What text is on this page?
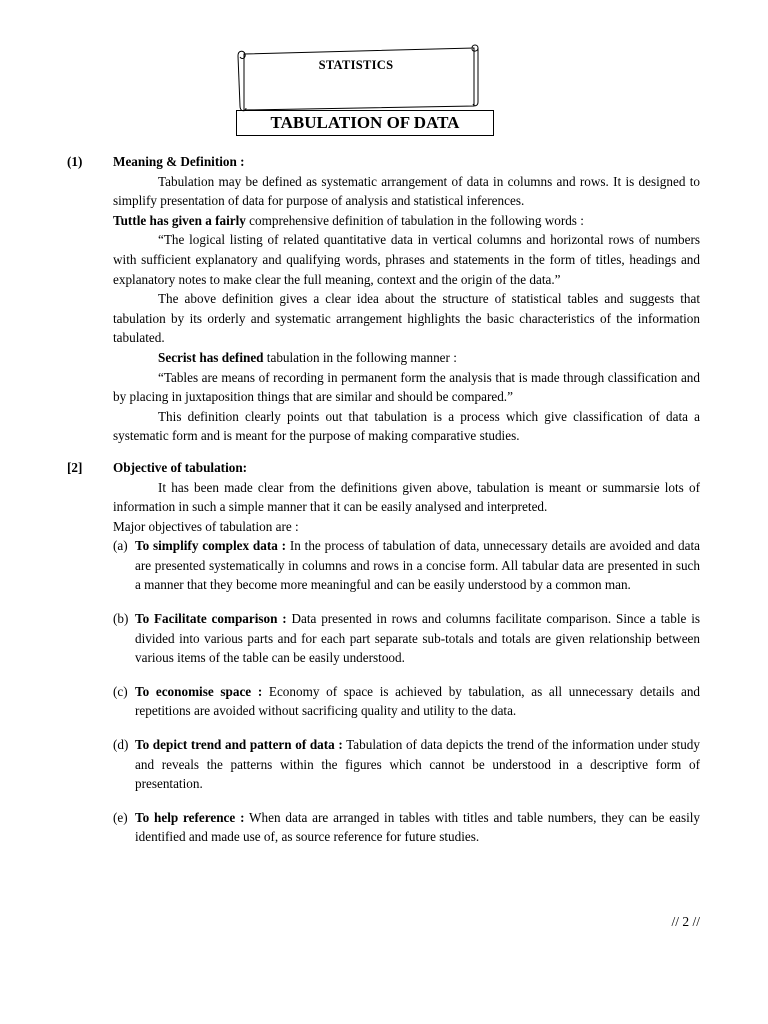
STATISTICS
TABULATION OF DATA
(1)	Meaning & Definition :

Tabulation may be defined as systematic arrangement of data in columns and rows. It is designed to simplify presentation of data for purpose of analysis and statistical inferences.

Tuttle has given a fairly comprehensive definition of tabulation in the following words :

“The logical listing of related quantitative data in vertical columns and horizontal rows of numbers with sufficient explanatory and qualifying words, phrases and statements in the form of titles, headings and explanatory notes to make clear the full meaning, context and the origin of the data.”

The above definition gives a clear idea about the structure of statistical tables and suggests that tabulation by its orderly and systematic arrangement highlights the basic characteristics of the information tabulated.

Secrist has defined tabulation in the following manner :

“Tables are means of recording in permanent form the analysis that is made through classification and by placing in juxtaposition things that are similar and should be compared.”

This definition clearly points out that tabulation is a process which give classification of data a systematic form and is meant for the purpose of making comparative studies.

[2]	Objective of tabulation:

It has been made clear from the definitions given above, tabulation is meant or summarsie lots of information in such a simple manner that it can be easily analysed and interpreted.

Major objectives of tabulation are :

(a) To simplify complex data : In the process of tabulation of data, unnecessary details are avoided and data are presented systematically in columns and rows in a concise form. All tabular data are presented in such a manner that they become more meaningful and can be easily understood by a common man.

(b) To Facilitate comparison : Data presented in rows and columns facilitate comparison. Since a table is divided into various parts and for each part separate sub-totals and totals are given relationship between various items of the table can be easily understood.

(c) To economise space : Economy of space is achieved by tabulation, as all unnecessary details and repetitions are avoided without sacrificing quality and utility to the data.

(d) To depict trend and pattern of data : Tabulation of data depicts the trend of the information under study and reveals the patterns within the figures which cannot be understood in a descriptive form of presentation.

(e) To help reference : When data are arranged in tables with titles and table numbers, they can be easily identified and made use of, as source reference for future studies.

// 2 //
